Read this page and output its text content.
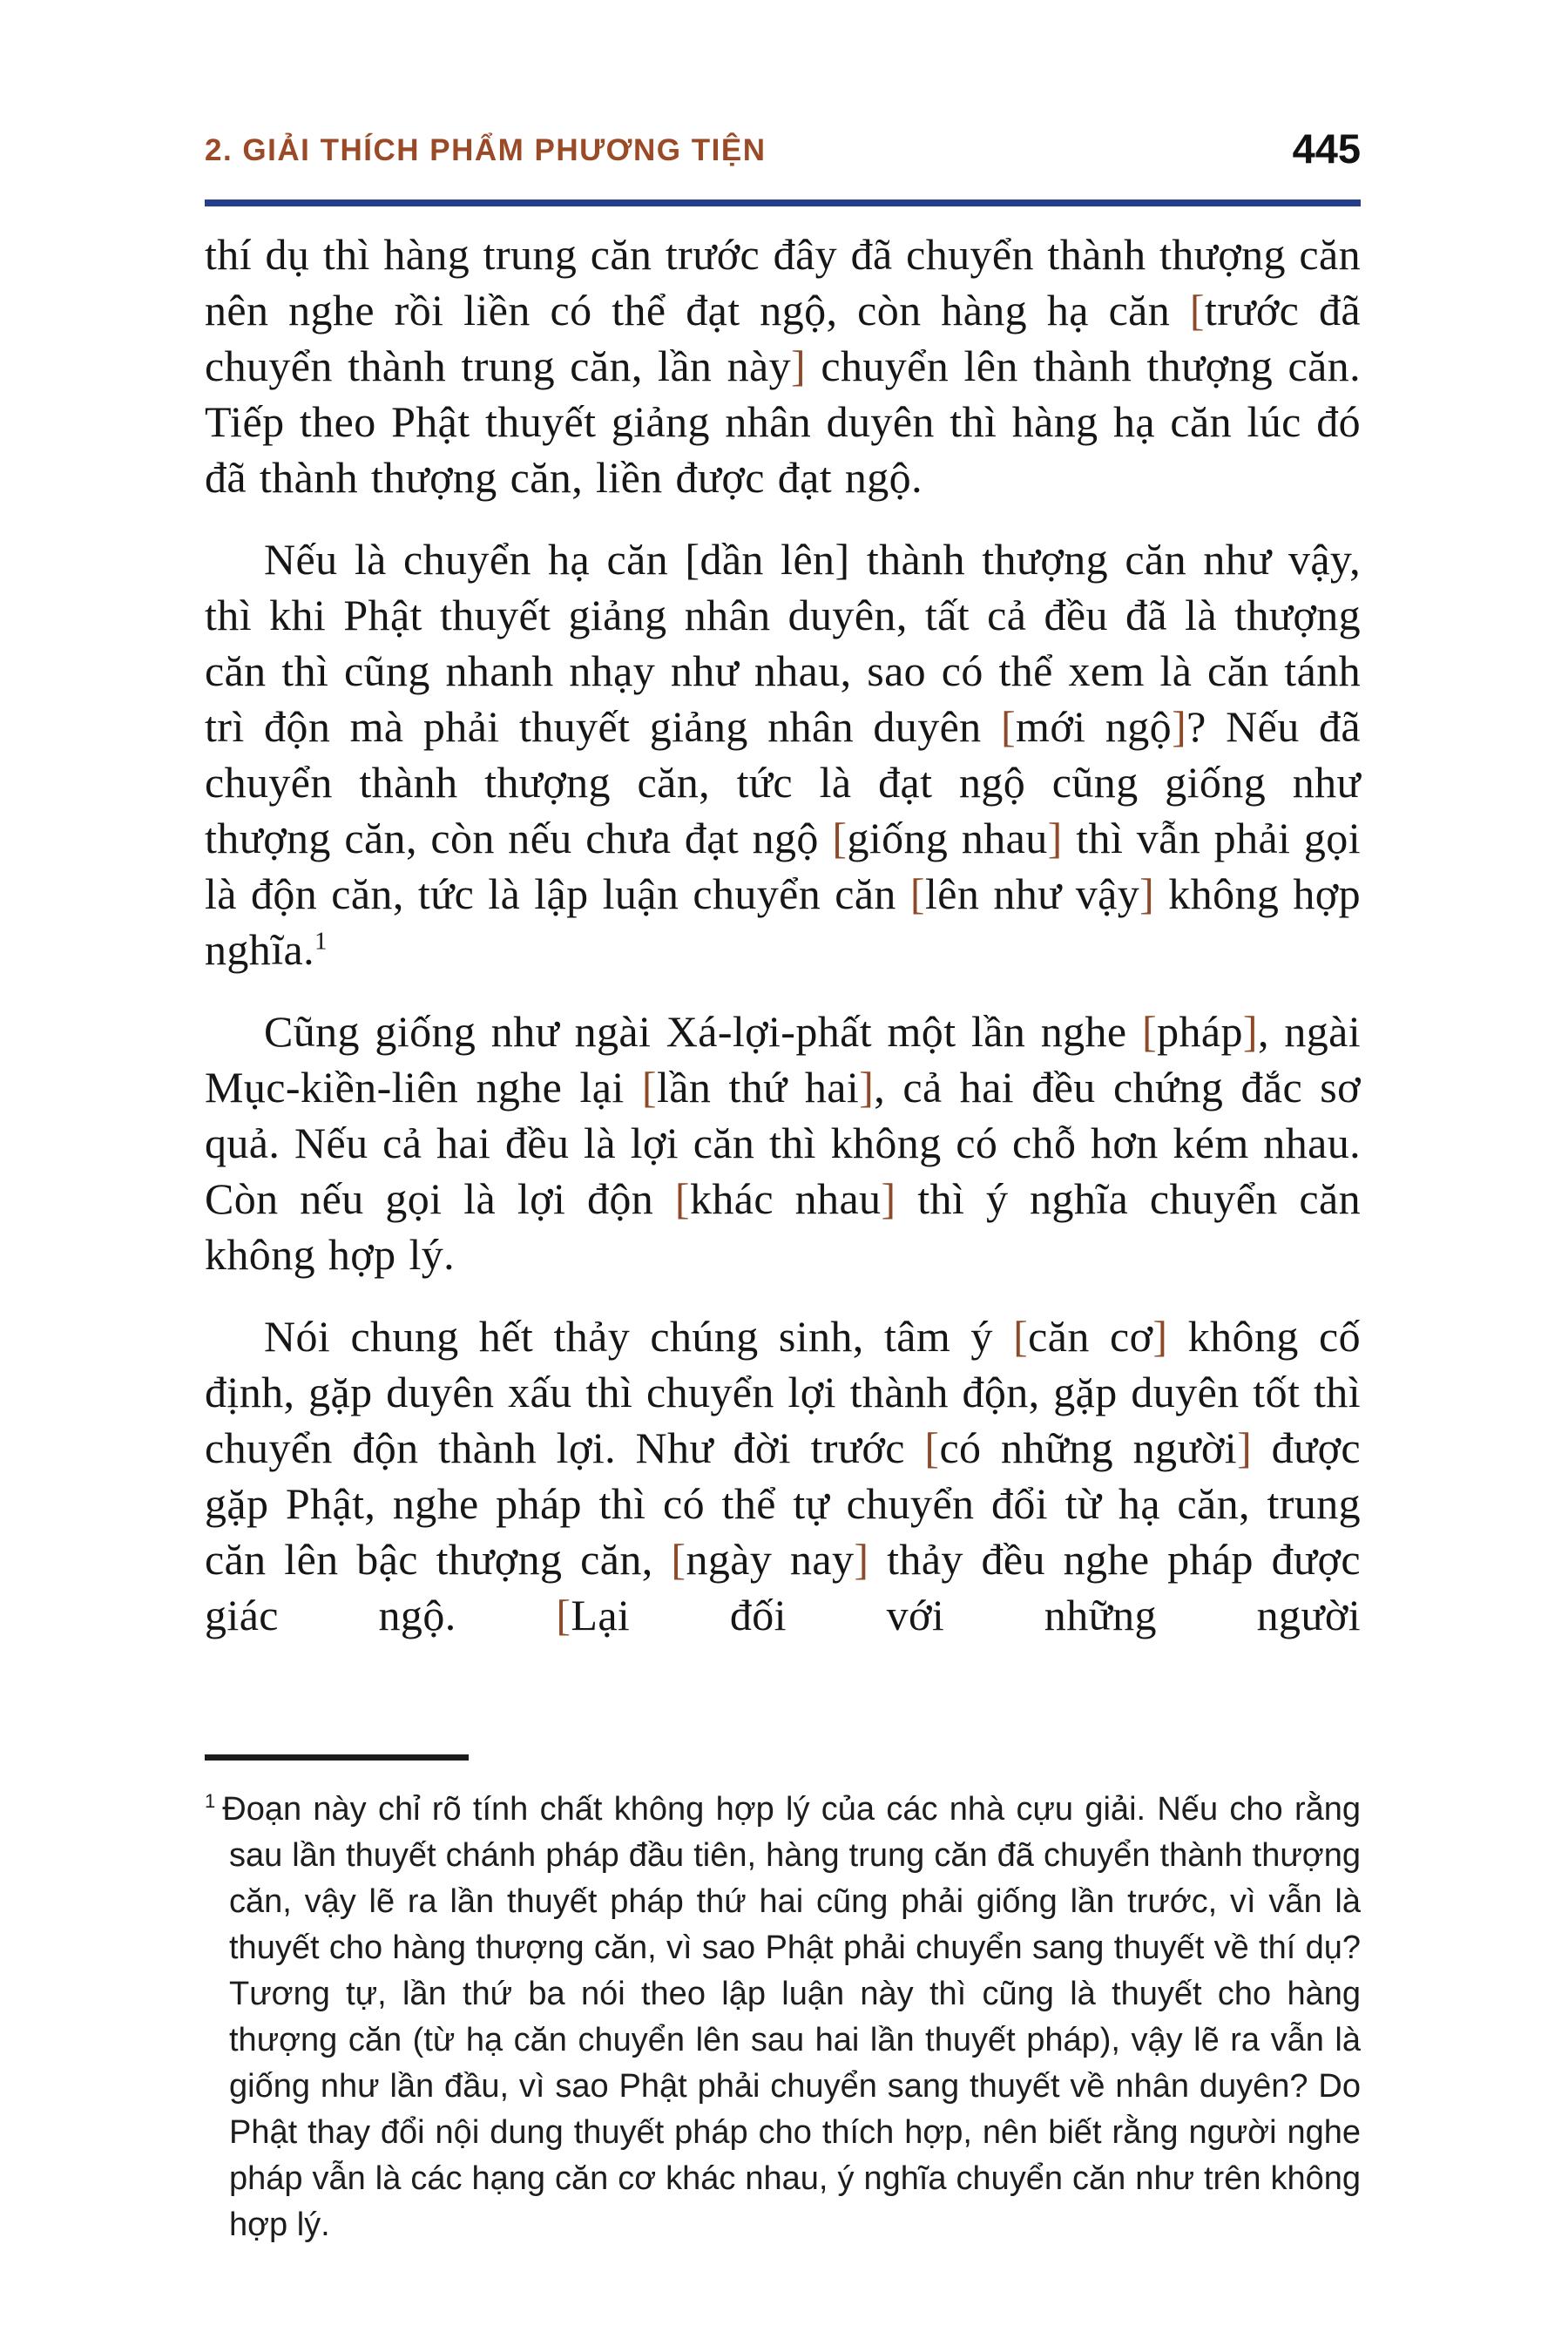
2. GIẢI THÍCH PHẨM PHƯƠNG TIỆN	445

thí dụ thì hàng trung căn trước đây đã chuyển thành thượng căn nên nghe rồi liền có thể đạt ngộ, còn hàng hạ căn [trước đã chuyển thành trung căn, lần này] chuyển lên thành thượng căn. Tiếp theo Phật thuyết giảng nhân duyên thì hàng hạ căn lúc đó đã thành thượng căn, liền được đạt ngộ.

Nếu là chuyển hạ căn [dần lên] thành thượng căn như vậy, thì khi Phật thuyết giảng nhân duyên, tất cả đều đã là thượng căn thì cũng nhanh nhạy như nhau, sao có thể xem là căn tánh trì độn mà phải thuyết giảng nhân duyên [mới ngộ]? Nếu đã chuyển thành thượng căn, tức là đạt ngộ cũng giống như thượng căn, còn nếu chưa đạt ngộ [giống nhau] thì vẫn phải gọi là độn căn, tức là lập luận chuyển căn [lên như vậy] không hợp nghĩa.$^1$

Cũng giống như ngài Xá-lợi-phất một lần nghe [pháp], ngài Mục-kiền-liên nghe lại [lần thứ hai], cả hai đều chứng đắc sơ quả. Nếu cả hai đều là lợi căn thì không có chỗ hơn kém nhau. Còn nếu gọi là lợi độn [khác nhau] thì ý nghĩa chuyển căn không hợp lý.

Nói chung hết thảy chúng sinh, tâm ý [căn cơ] không cố định, gặp duyên xấu thì chuyển lợi thành độn, gặp duyên tốt thì chuyển độn thành lợi. Như đời trước [có những người] được gặp Phật, nghe pháp thì có thể tự chuyển đổi từ hạ căn, trung căn lên bậc thượng căn, [ngày nay] thảy đều nghe pháp được giác ngộ. [Lại đối với những người

$^1$ Đoạn này chỉ rõ tính chất không hợp lý của các nhà cựu giải. Nếu cho rằng sau lần thuyết chánh pháp đầu tiên, hàng trung căn đã chuyển thành thượng căn, vậy lẽ ra lần thuyết pháp thứ hai cũng phải giống lần trước, vì vẫn là thuyết cho hàng thượng căn, vì sao Phật phải chuyển sang thuyết về thí dụ? Tương tự, lần thứ ba nói theo lập luận này thì cũng là thuyết cho hàng thượng căn (từ hạ căn chuyển lên sau hai lần thuyết pháp), vậy lẽ ra vẫn là giống như lần đầu, vì sao Phật phải chuyển sang thuyết về nhân duyên? Do Phật thay đổi nội dung thuyết pháp cho thích hợp, nên biết rằng người nghe pháp vẫn là các hạng căn cơ khác nhau, ý nghĩa chuyển căn như trên không hợp lý.
